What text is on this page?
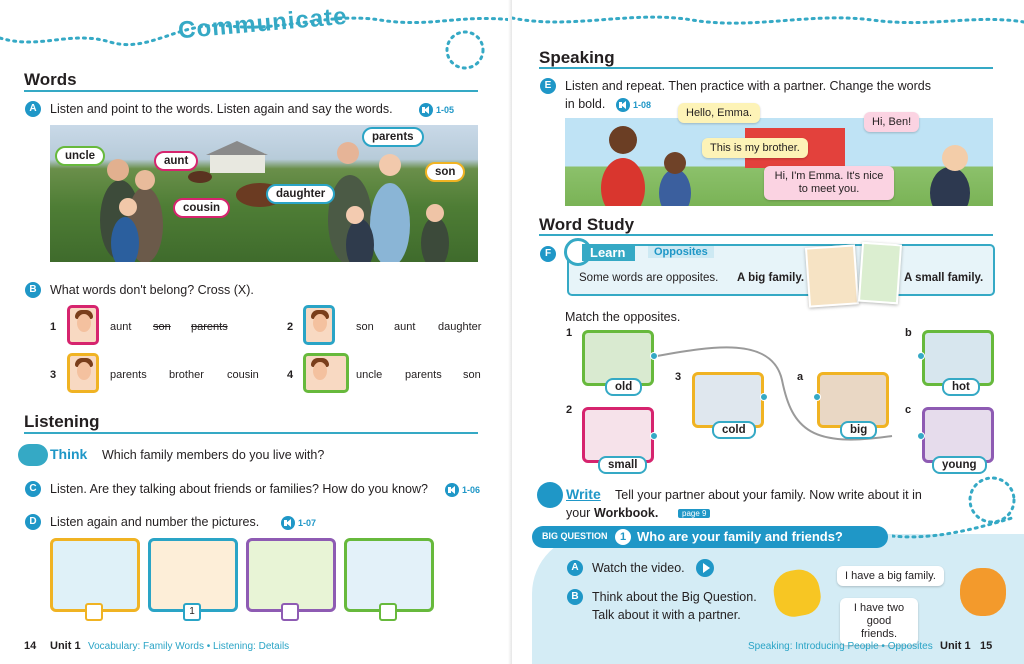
Communicate
Words
A	Listen and point to the words. Listen again and say the words.	1-05
uncle	aunt
cousin
daughter
parents
son
B	What words don't belong? Cross (X).
1	aunt son parents	2	son aunt daughter
3	parents brother cousin	4	uncle parents son
Listening
Think Which family members do you live with?
C	Listen. Are they talking about friends or families? How do you know?	1-06
D	Listen again and number the pictures.	1-07
1
14 Unit 1 Vocabulary: Family Words • Listening: Details
Speaking
E	Listen and repeat. Then practice with a partner. Change the words
in bold.	1-08
Hello, Emma.
This is my brother.
Hi, Ben!
Hi, I'm Emma. It's nice to meet you.
Word Study
F	Learn	Opposites
Some words are opposites. A big family.	A small family.
Match the opposites.
1
old
2
small
3
cold
a
big
b
hot
c
young
Write Tell your partner about your family. Now write about it in
your Workbook.	page 9
BIG QUESTION	1 Who are your family and friends?
A	Watch the video.
B	Think about the Big Question.
Talk about it with a partner.
I have a big family.
I have two good friends.
Speaking: Introducing People • Opposites Unit 1 15
